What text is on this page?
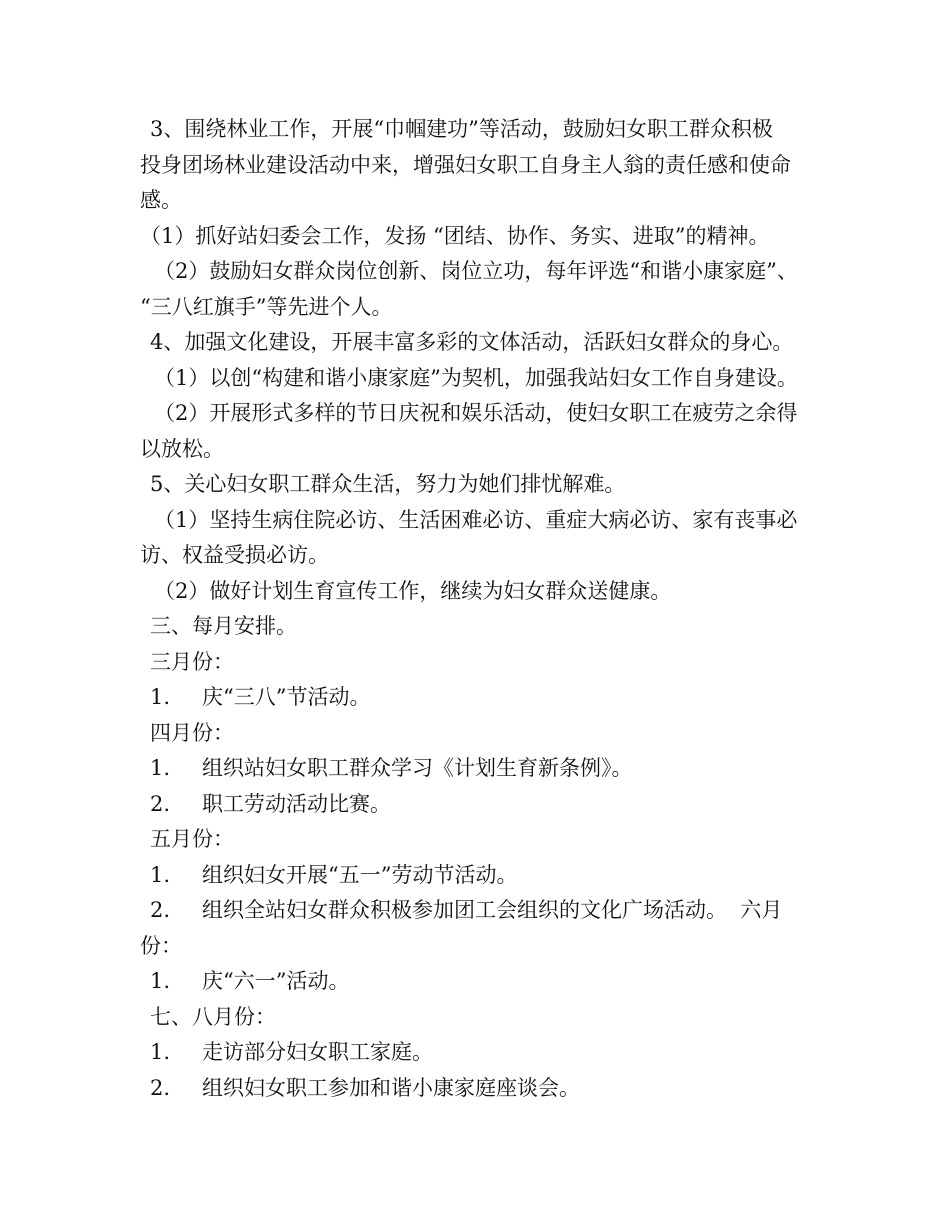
3、围绕林业工作，开展“巾帼建功”等活动，鼓励妇女职工群众积极

投身团场林业建设活动中来，增强妇女职工自身主人翁的责任感和使命

感。

（1）抓好站妇委会工作，发扬 “团结、协作、务实、进取”的精神。

（2）鼓励妇女群众岗位创新、岗位立功，每年评选“和谐小康家庭”、

“三八红旗手”等先进个人。

4、加强文化建设，开展丰富多彩的文体活动，活跃妇女群众的身心。

（1）以创“构建和谐小康家庭”为契机，加强我站妇女工作自身建设。

（2）开展形式多样的节日庆祝和娱乐活动，使妇女职工在疲劳之余得

以放松。

5、关心妇女职工群众生活，努力为她们排忧解难。

（1）坚持生病住院必访、生活困难必访、重症大病必访、家有丧事必

访、权益受损必访。

（2）做好计划生育宣传工作，继续为妇女群众送健康。

三、每月安排。

三月份：

1. 庆“三八”节活动。

四月份：

1. 组织站妇女职工群众学习《计划生育新条例》。

2. 职工劳动活动比赛。

五月份：

1. 组织妇女开展“五一”劳动节活动。

2. 组织全站妇女群众积极参加团工会组织的文化广场活动。  六月

份：

1. 庆“六一”活动。

七、八月份：

1. 走访部分妇女职工家庭。

2. 组织妇女职工参加和谐小康家庭座谈会。
